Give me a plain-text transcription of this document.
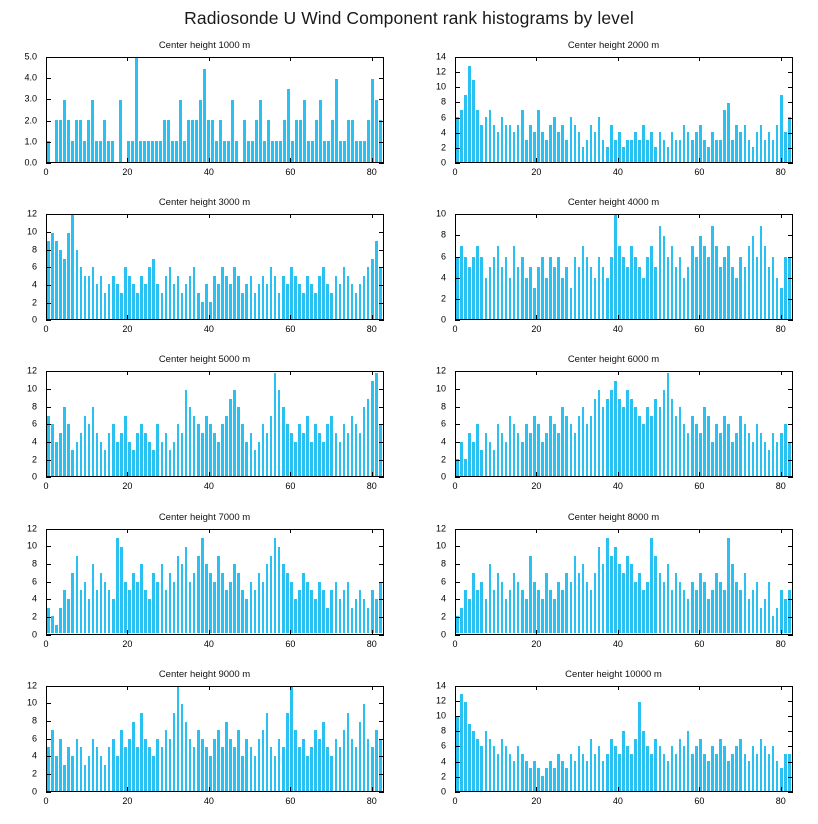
Radiosonde U Wind Component rank histograms by level
Center height 1000 m
0.0
1.0
2.0
3.0
4.0
5.0
0	20	40	60	80
Center height 2000 m
0
2
4
6
8
10
12
14
0	20	40	60	80
Center height 3000 m
0
2
4
6
8
10
12
0	20	40	60	80
Center height 4000 m
0
2
4
6
8
10
0	20	40	60	80
Center height 5000 m
0
2
4
6
8
10
12
0	20	40	60	80
Center height 6000 m
0
2
4
6
8
10
12
0	20	40	60	80
Center height 7000 m
0
2
4
6
8
10
12
0	20	40	60	80
Center height 8000 m
0
2
4
6
8
10
12
0	20	40	60	80
Center height 9000 m
0
2
4
6
8
10
12
0	20	40	60	80
Center height 10000 m
0
2
4
6
8
10
12
14
0	20	40	60	80
